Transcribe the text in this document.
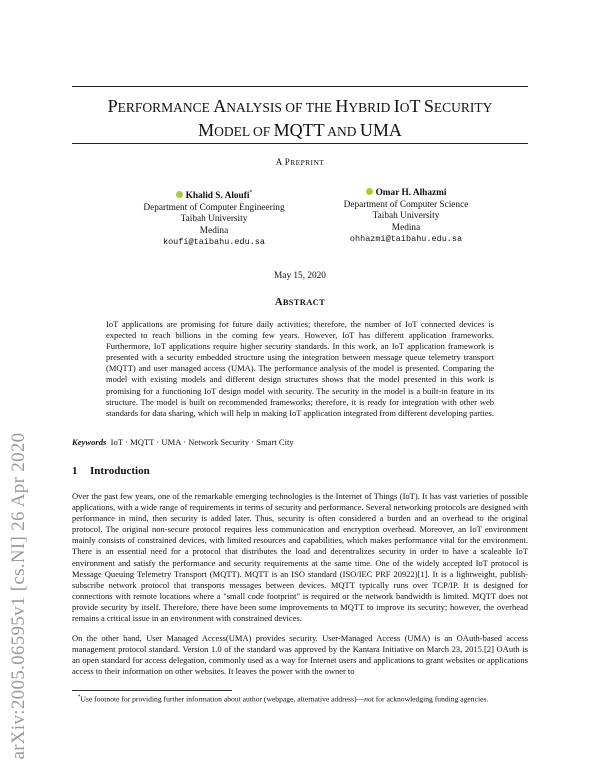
arXiv:2005.06595v1 [cs.NI] 26 Apr 2020
PERFORMANCE ANALYSIS OF THE HYBRID IOT SECURITY
MODEL OF MQTT AND UMA
A PREPRINT
Khalid S. Aloufi*
Department of Computer Engineering
Taibah University
Medina
koufi@taibahu.edu.sa
Omar H. Alhazmi
Department of Computer Science
Taibah University
Medina
ohhazmi@taibahu.edu.sa
May 15, 2020
ABSTRACT
IoT applications are promising for future daily activities; therefore, the number of IoT connected devices is expected to reach billions in the coming few years. However, IoT has different application frameworks. Furthermore, IoT applications require higher security standards. In this work, an IoT application framework is presented with a security embedded structure using the integration between message queue telemetry transport (MQTT) and user managed access (UMA). The performance analysis of the model is presented. Comparing the model with existing models and different design structures shows that the model presented in this work is promising for a functioning IoT design model with security. The security in the model is a built-in feature in its structure. The model is built on recommended frameworks; therefore, it is ready for integration with other web standards for data sharing, which will help in making IoT application integrated from different developing parties.
Keywords IoT · MQTT · UMA · Network Security · Smart City
1 Introduction
Over the past few years, one of the remarkable emerging technologies is the Internet of Things (IoT). It has vast varieties of possible applications, with a wide range of requirements in terms of security and performance. Several networking protocols are designed with performance in mind, then security is added later. Thus, security is often considered a burden and an overhead to the original protocol. The original non-secure protocol requires less communication and encryption overhead. Moreover, an IoT environment mainly consists of constrained devices, with limited resources and capabilities, which makes performance vital for the environment. There is an essential need for a protocol that distributes the load and decentralizes security in order to have a scaleable IoT environment and satisfy the performance and security requirements at the same time. One of the widely accepted IoT protocol is Message Queuing Telemetry Transport (MQTT). MQTT is an ISO standard (ISO/IEC PRF 20922)[1]. It is a lightweight, publish-subscribe network protocol that transports messages between devices. MQTT typically runs over TCP/IP. It is designed for connections with remote locations where a "small code footprint" is required or the network bandwidth is limited. MQTT does not provide security by itself. Therefore, there have been some improvements to MQTT to improve its security; however, the overhead remains a critical issue in an environment with constrained devices.
On the other hand, User Managed Access(UMA) provides security. User-Managed Access (UMA) is an OAuth-based access management protocol standard. Version 1.0 of the standard was approved by the Kantara Initiative on March 23, 2015.[2] OAuth is an open standard for access delegation, commonly used as a way for Internet users and applications to grant websites or applications access to their information on other websites. It leaves the power with the owner to
*Use footnote for providing further information about author (webpage, alternative address)—not for acknowledging funding agencies.
